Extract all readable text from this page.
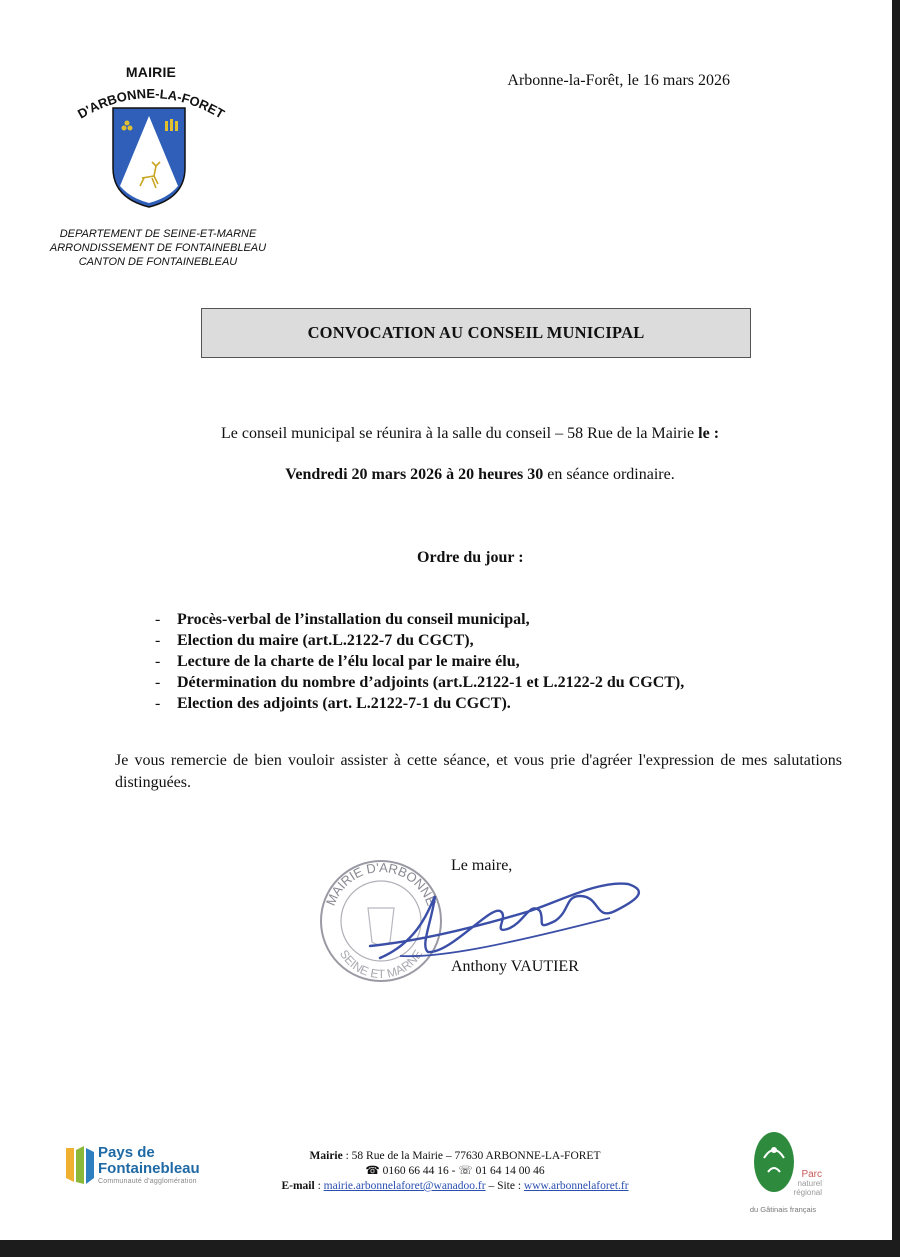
MAIRIE
D'ARBONNE-LA-FORET
DEPARTEMENT DE SEINE-ET-MARNE
ARRONDISSEMENT DE FONTAINEBLEAU
CANTON DE FONTAINEBLEAU
Arbonne-la-Forêt, le 16 mars 2026
CONVOCATION AU CONSEIL MUNICIPAL
Le conseil municipal se réunira à la salle du conseil – 58 Rue de la Mairie le :
Vendredi 20 mars 2026 à 20 heures 30 en séance ordinaire.
Ordre du jour :
- Procès-verbal de l’installation du conseil municipal,
- Election du maire (art.L.2122-7 du CGCT),
- Lecture de la charte de l’élu local par le maire élu,
- Détermination du nombre d’adjoints (art.L.2122-1 et L.2122-2 du CGCT),
- Election des adjoints (art. L.2122-7-1 du CGCT).
Je vous remercie de bien vouloir assister à cette séance, et vous prie d'agréer l'expression de mes salutations distinguées.
Le maire,
MAIRIE D'ARBONNE
SEINE ET MARNE
Anthony VAUTIER
Pays de
Fontainebleau
Communauté d'agglomération
Mairie : 58 Rue de la Mairie – 77630 ARBONNE-LA-FORET
☎ 0160 66 44 16 - ☏ 01 64 14 00 46
E-mail : mairie.arbonnelaforet@wanadoo.fr – Site : www.arbonnelaforet.fr
Parc
naturel
régional
du Gâtinais français
